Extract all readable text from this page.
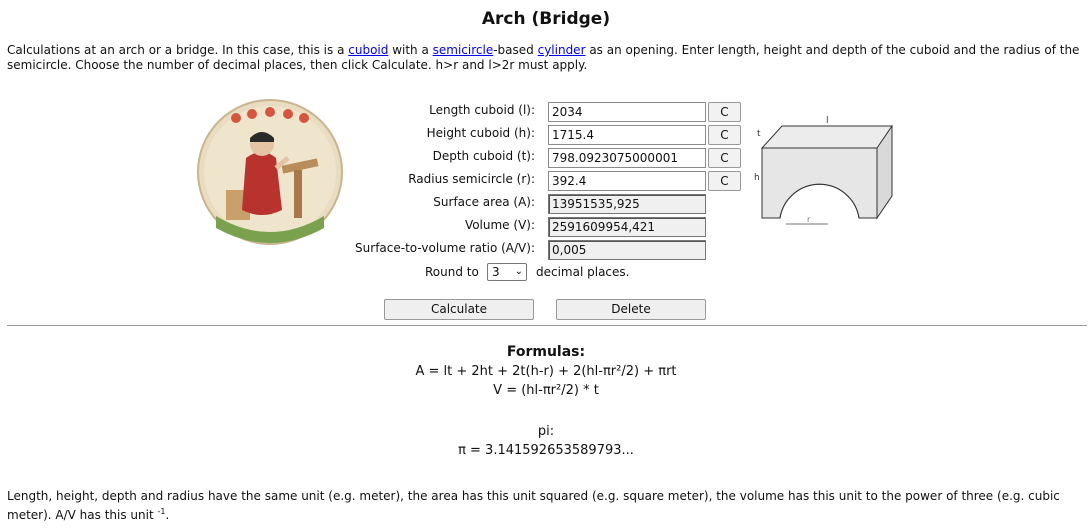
Arch (Bridge)
Calculations at an arch or a bridge. In this case, this is a cuboid with a semicircle-based cylinder as an opening. Enter length, height and depth of the cuboid and the radius of the
semicircle. Choose the number of decimal places, then click Calculate. h>r and l>2r must apply.
Length cuboid (l):
Height cuboid (h):
Depth cuboid (t):
Radius semicircle (r):
Surface area (A):
Volume (V):
Surface-to-volume ratio (A/V):
2034
1715.4
798.0923075000001
392.4
13951535,925
2591609954,421
0,005
C
C
C
C
Round to	3 ⌄ decimal places.
l
t
h
r
Calculate	Delete
Formulas:
A = lt + 2ht + 2t(h-r) + 2(hl-πr²/2) + πrt
V = (hl-πr²/2) * t
pi:
π = 3.141592653589793...
Length, height, depth and radius have the same unit (e.g. meter), the area has this unit squared (e.g. square meter), the volume has this unit to the power of three (e.g. cubic meter). A/V has this unit $^{-1}$.
